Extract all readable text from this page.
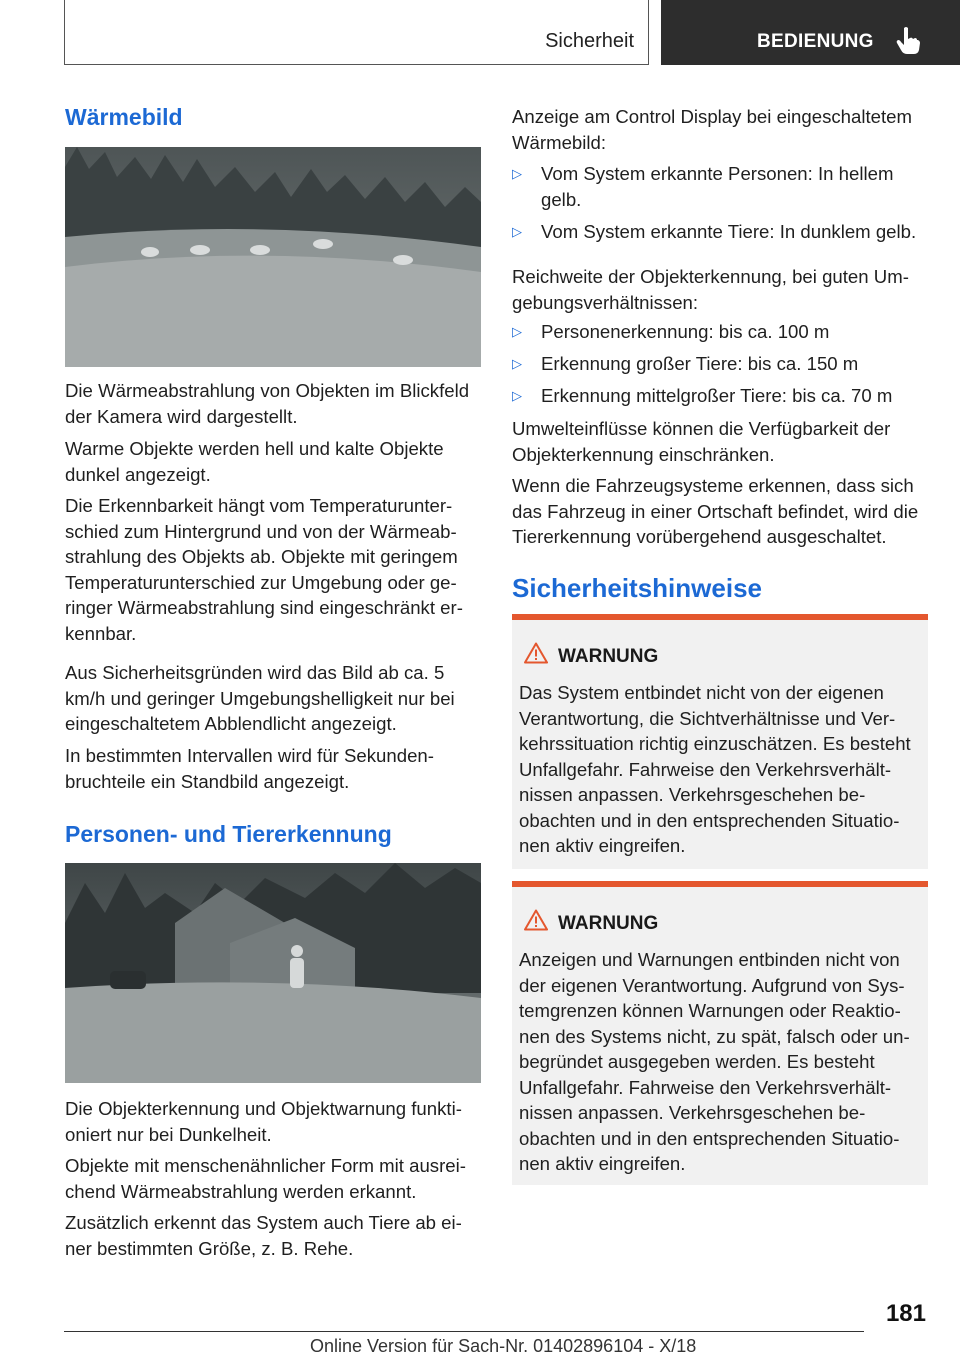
Sicherheit	BEDIENUNG
Wärmebild

Die Wärmeabstrahlung von Objekten im Blickfeld der Kamera wird dargestellt.

Warme Objekte werden hell und kalte Objekte dunkel angezeigt.

Die Erkennbarkeit hängt vom Temperaturunterschied zum Hintergrund und von der Wärmeabstrahlung des Objekts ab. Objekte mit geringem Temperaturunterschied zur Umgebung oder geringer Wärmeabstrahlung sind eingeschränkt erkennbar.

Aus Sicherheitsgründen wird das Bild ab ca. 5 km/h und geringer Umgebungshelligkeit nur bei eingeschaltetem Abblendlicht angezeigt.

In bestimmten Intervallen wird für Sekundenbruchteile ein Standbild angezeigt.

Personen- und Tiererkennung

Die Objekterkennung und Objektwarnung funktioniert nur bei Dunkelheit.

Objekte mit menschenähnlicher Form mit ausreichend Wärmeabstrahlung werden erkannt.

Zusätzlich erkennt das System auch Tiere ab einer bestimmten Größe, z. B. Rehe.

Anzeige am Control Display bei eingeschaltetem Wärmebild:

▷ Vom System erkannte Personen: In hellem gelb.
▷ Vom System erkannte Tiere: In dunklem gelb.

Reichweite der Objekterkennung, bei guten Umgebungsverhältnissen:

▷ Personenerkennung: bis ca. 100 m
▷ Erkennung großer Tiere: bis ca. 150 m
▷ Erkennung mittelgroßer Tiere: bis ca. 70 m

Umwelteinflüsse können die Verfügbarkeit der Objekterkennung einschränken.

Wenn die Fahrzeugsysteme erkennen, dass sich das Fahrzeug in einer Ortschaft befindet, wird die Tiererkennung vorübergehend ausgeschaltet.

Sicherheitshinweise
WARNUNG

Das System entbindet nicht von der eigenen Verantwortung, die Sichtverhältnisse und Verkehrssituation richtig einzuschätzen. Es besteht Unfallgefahr. Fahrweise den Verkehrsverhältnissen anpassen. Verkehrsgeschehen beobachten und in den entsprechenden Situationen aktiv eingreifen.

WARNUNG

Anzeigen und Warnungen entbinden nicht von der eigenen Verantwortung. Aufgrund von Systemgrenzen können Warnungen oder Reaktionen des Systems nicht, zu spät, falsch oder unbegründet ausgegeben werden. Es besteht Unfallgefahr. Fahrweise den Verkehrsverhältnissen anpassen. Verkehrsgeschehen beobachten und in den entsprechenden Situationen aktiv eingreifen.

181
Online Version für Sach-Nr. 01402896104 - X/18
